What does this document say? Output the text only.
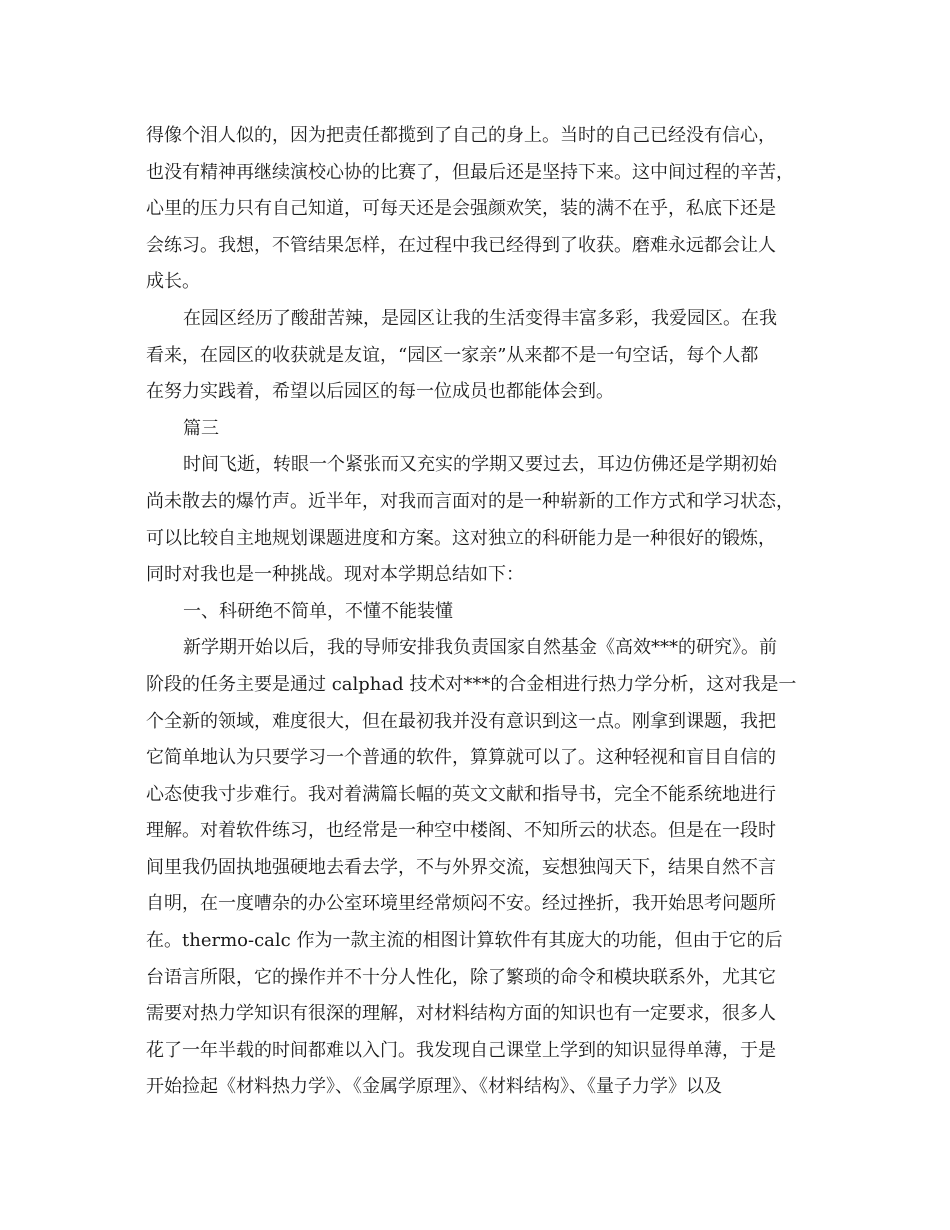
得像个泪人似的，因为把责任都揽到了自己的身上。当时的自己已经没有信心，
也没有精神再继续演校心协的比赛了，但最后还是坚持下来。这中间过程的辛苦，
心里的压力只有自己知道，可每天还是会强颜欢笑，装的满不在乎，私底下还是
会练习。我想，不管结果怎样，在过程中我已经得到了收获。磨难永远都会让人
成长。
在园区经历了酸甜苦辣，是园区让我的生活变得丰富多彩，我爱园区。在我
看来，在园区的收获就是友谊，“园区一家亲”从来都不是一句空话，每个人都
在努力实践着，希望以后园区的每一位成员也都能体会到。
篇三
时间飞逝，转眼一个紧张而又充实的学期又要过去，耳边仿佛还是学期初始
尚未散去的爆竹声。近半年，对我而言面对的是一种崭新的工作方式和学习状态，
可以比较自主地规划课题进度和方案。这对独立的科研能力是一种很好的锻炼，
同时对我也是一种挑战。现对本学期总结如下：
一、科研绝不简单，不懂不能装懂
新学期开始以后，我的导师安排我负责国家自然基金《高效***的研究》。前
阶段的任务主要是通过 calphad 技术对***的合金相进行热力学分析，这对我是一
个全新的领域，难度很大，但在最初我并没有意识到这一点。刚拿到课题，我把
它简单地认为只要学习一个普通的软件，算算就可以了。这种轻视和盲目自信的
心态使我寸步难行。我对着满篇长幅的英文文献和指导书，完全不能系统地进行
理解。对着软件练习，也经常是一种空中楼阁、不知所云的状态。但是在一段时
间里我仍固执地强硬地去看去学，不与外界交流，妄想独闯天下，结果自然不言
自明，在一度嘈杂的办公室环境里经常烦闷不安。经过挫折，我开始思考问题所
在。thermo-calc 作为一款主流的相图计算软件有其庞大的功能，但由于它的后
台语言所限，它的操作并不十分人性化，除了繁琐的命令和模块联系外，尤其它
需要对热力学知识有很深的理解，对材料结构方面的知识也有一定要求，很多人
花了一年半载的时间都难以入门。我发现自己课堂上学到的知识显得单薄，于是
开始捡起《材料热力学》、《金属学原理》、《材料结构》、《量子力学》以及
